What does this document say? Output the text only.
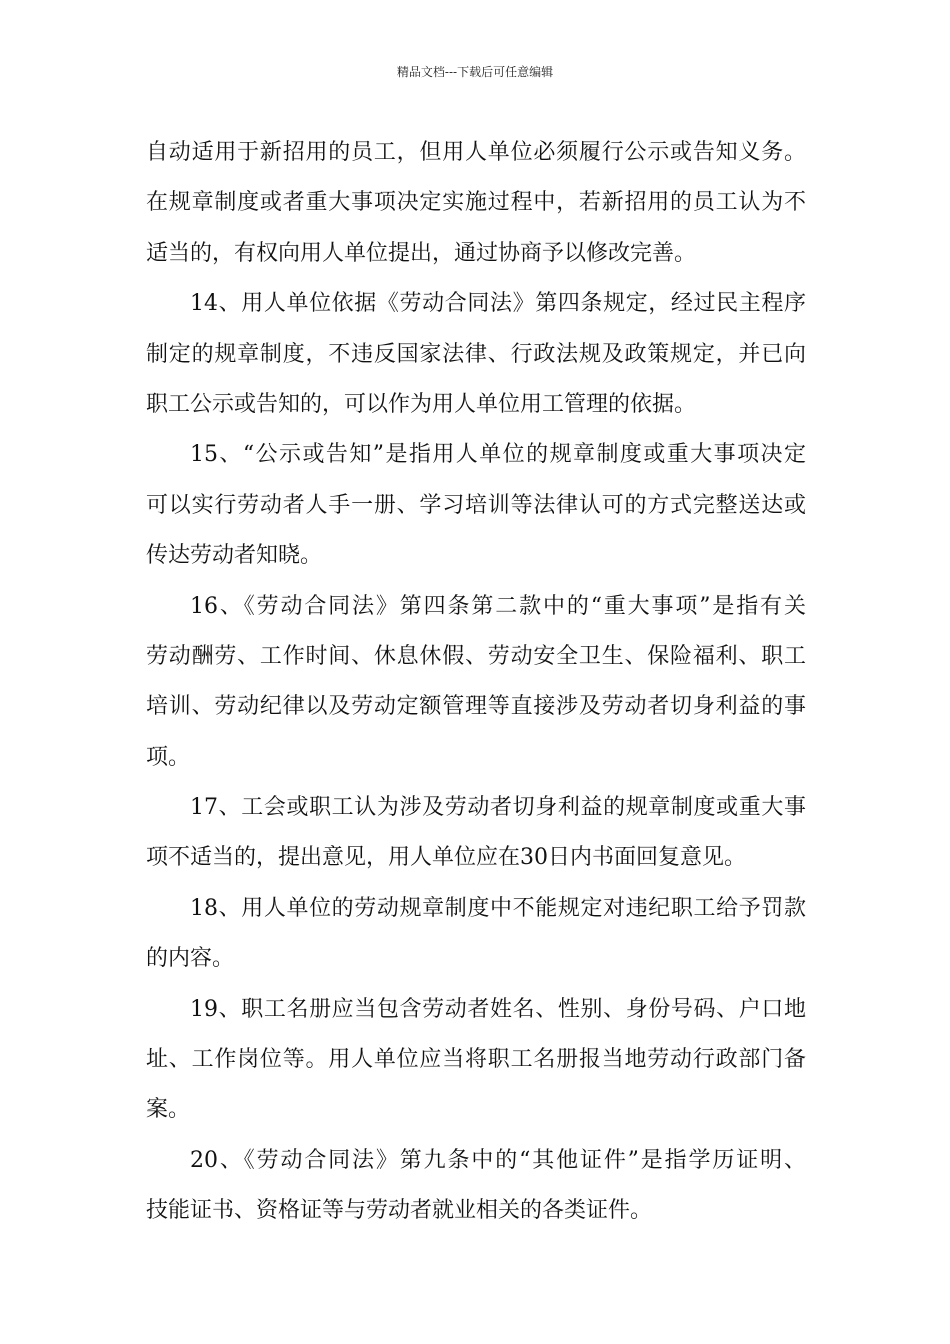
精品文档---下载后可任意编辑
自动适用于新招用的员工，但用人单位必须履行公示或告知义务。
在规章制度或者重大事项决定实施过程中，若新招用的员工认为不
适当的，有权向用人单位提出，通过协商予以修改完善。
14、用人单位依据《劳动合同法》第四条规定，经过民主程序
制定的规章制度，不违反国家法律、行政法规及政策规定，并已向
职工公示或告知的，可以作为用人单位用工管理的依据。
15、“公示或告知”是指用人单位的规章制度或重大事项决定
可以实行劳动者人手一册、学习培训等法律认可的方式完整送达或
传达劳动者知晓。
16、《劳动合同法》第四条第二款中的“重大事项”是指有关
劳动酬劳、工作时间、休息休假、劳动安全卫生、保险福利、职工
培训、劳动纪律以及劳动定额管理等直接涉及劳动者切身利益的事
项。
17、工会或职工认为涉及劳动者切身利益的规章制度或重大事
项不适当的，提出意见，用人单位应在30日内书面回复意见。
18、用人单位的劳动规章制度中不能规定对违纪职工给予罚款
的内容。
19、职工名册应当包含劳动者姓名、性别、身份号码、户口地
址、工作岗位等。用人单位应当将职工名册报当地劳动行政部门备
案。
20、《劳动合同法》第九条中的“其他证件”是指学历证明、
技能证书、资格证等与劳动者就业相关的各类证件。
